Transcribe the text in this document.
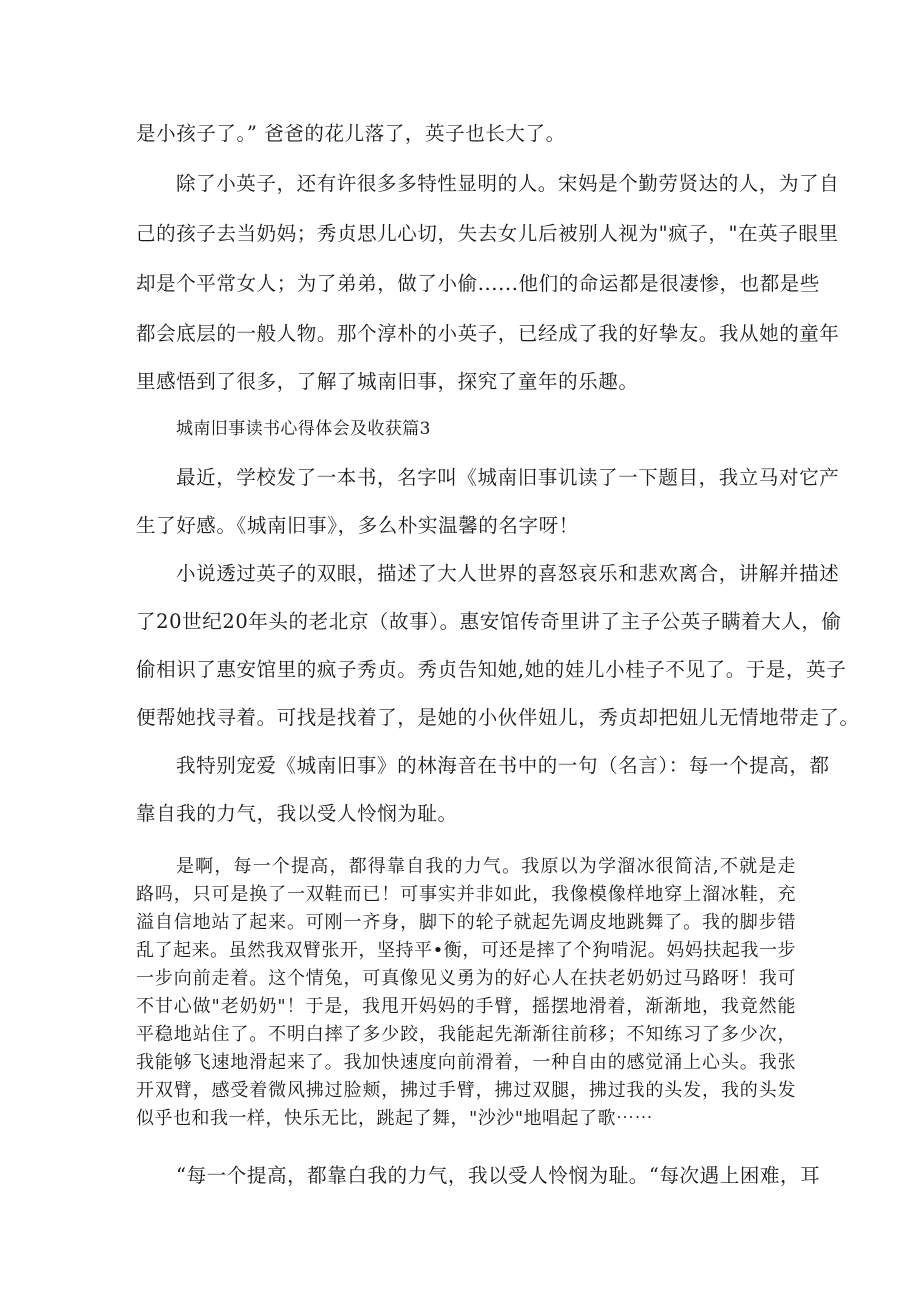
是小孩子了。” 爸爸的花儿落了，英子也长大了。
除了小英子，还有许很多多特性显明的人。宋妈是个勤劳贤达的人，为了自
己的孩子去当奶妈；秀贞思儿心切，失去女儿后被别人视为"疯子，"在英子眼里
却是个平常女人；为了弟弟，做了小偷......他们的命运都是很凄惨，也都是些
都会底层的一般人物。那个淳朴的小英子，已经成了我的好挚友。我从她的童年
里感悟到了很多，了解了城南旧事，探究了童年的乐趣。
城南旧事读书心得体会及收获篇3
最近，学校发了一本书，名字叫《城南旧事讥读了一下题目，我立马对它产
生了好感。《城南旧事》，多么朴实温馨的名字呀！
小说透过英子的双眼，描述了大人世界的喜怒哀乐和悲欢离合，讲解并描述
了20世纪20年头的老北京（故事）。惠安馆传奇里讲了主子公英子瞒着大人，偷
偷相识了惠安馆里的疯子秀贞。秀贞告知她,她的娃儿小桂子不见了。于是，英子
便帮她找寻着。可找是找着了，是她的小伙伴妞儿，秀贞却把妞儿无情地带走了。
我特别宠爱《城南旧事》的林海音在书中的一句（名言）：每一个提高，都
靠自我的力气，我以受人怜悯为耻。
是啊，每一个提高，都得靠自我的力气。我原以为学溜冰很简洁,不就是走
路吗，只可是换了一双鞋而已！可事实并非如此，我像模像样地穿上溜冰鞋，充
溢自信地站了起来。可刚一齐身，脚下的轮子就起先调皮地跳舞了。我的脚步错
乱了起来。虽然我双臂张开，坚持平•衡，可还是摔了个狗啃泥。妈妈扶起我一步
一步向前走着。这个情兔，可真像见义勇为的好心人在扶老奶奶过马路呀！我可
不甘心做"老奶奶"！于是，我甩开妈妈的手臂，摇摆地滑着，渐渐地，我竟然能
平稳地站住了。不明白摔了多少跤，我能起先渐渐往前移；不知练习了多少次，
我能够飞速地滑起来了。我加快速度向前滑着，一种自由的感觉涌上心头。我张
开双臂，感受着微风拂过脸颊，拂过手臂，拂过双腿，拂过我的头发，我的头发
似乎也和我一样，快乐无比，跳起了舞，"沙沙"地唱起了歌⋯⋯
“每一个提高，都靠白我的力气，我以受人怜悯为耻。“每次遇上困难，耳
